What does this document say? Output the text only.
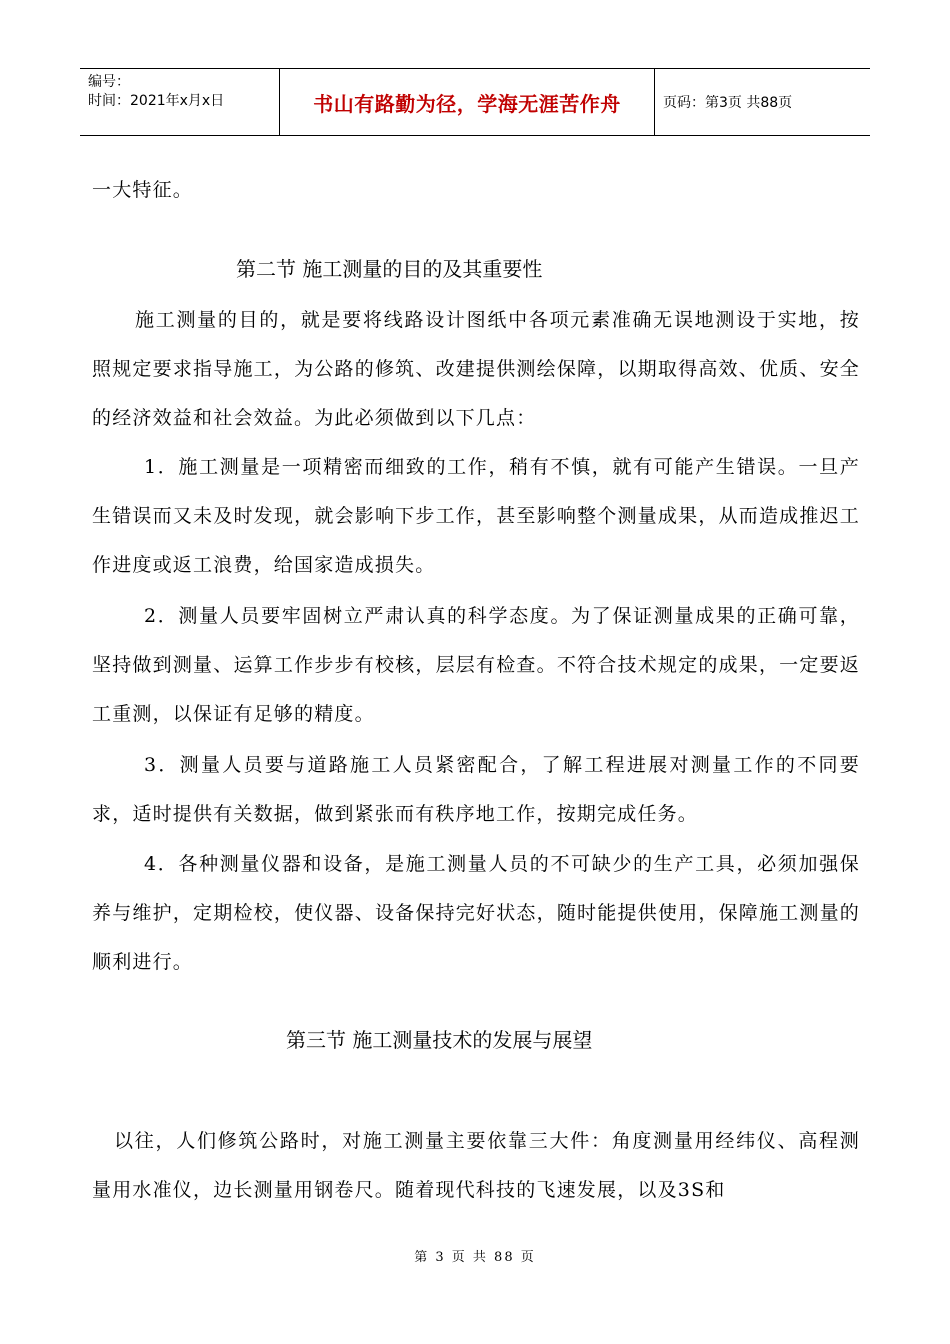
编号：
时间：2021年x月x日	书山有路勤为径，学海无涯苦作舟	页码：第3页 共88页

一大特征。

第二节 施工测量的目的及其重要性

施工测量的目的，就是要将线路设计图纸中各项元素准确无误地测设于实地，按照规定要求指导施工，为公路的修筑、改建提供测绘保障，以期取得高效、优质、安全的经济效益和社会效益。为此必须做到以下几点：

1．施工测量是一项精密而细致的工作，稍有不慎，就有可能产生错误。一旦产生错误而又未及时发现，就会影响下步工作，甚至影响整个测量成果，从而造成推迟工作进度或返工浪费，给国家造成损失。

2．测量人员要牢固树立严肃认真的科学态度。为了保证测量成果的正确可靠，坚持做到测量、运算工作步步有校核，层层有检查。不符合技术规定的成果，一定要返工重测，以保证有足够的精度。

3．测量人员要与道路施工人员紧密配合，了解工程进展对测量工作的不同要求，适时提供有关数据，做到紧张而有秩序地工作，按期完成任务。

4．各种测量仪器和设备，是施工测量人员的不可缺少的生产工具，必须加强保养与维护，定期检校，使仪器、设备保持完好状态，随时能提供使用，保障施工测量的顺利进行。

第三节 施工测量技术的发展与展望

以往，人们修筑公路时，对施工测量主要依靠三大件：角度测量用经纬仪、高程测量用水准仪，边长测量用钢卷尺。随着现代科技的飞速发展，以及3S和

第 3 页 共 88 页
